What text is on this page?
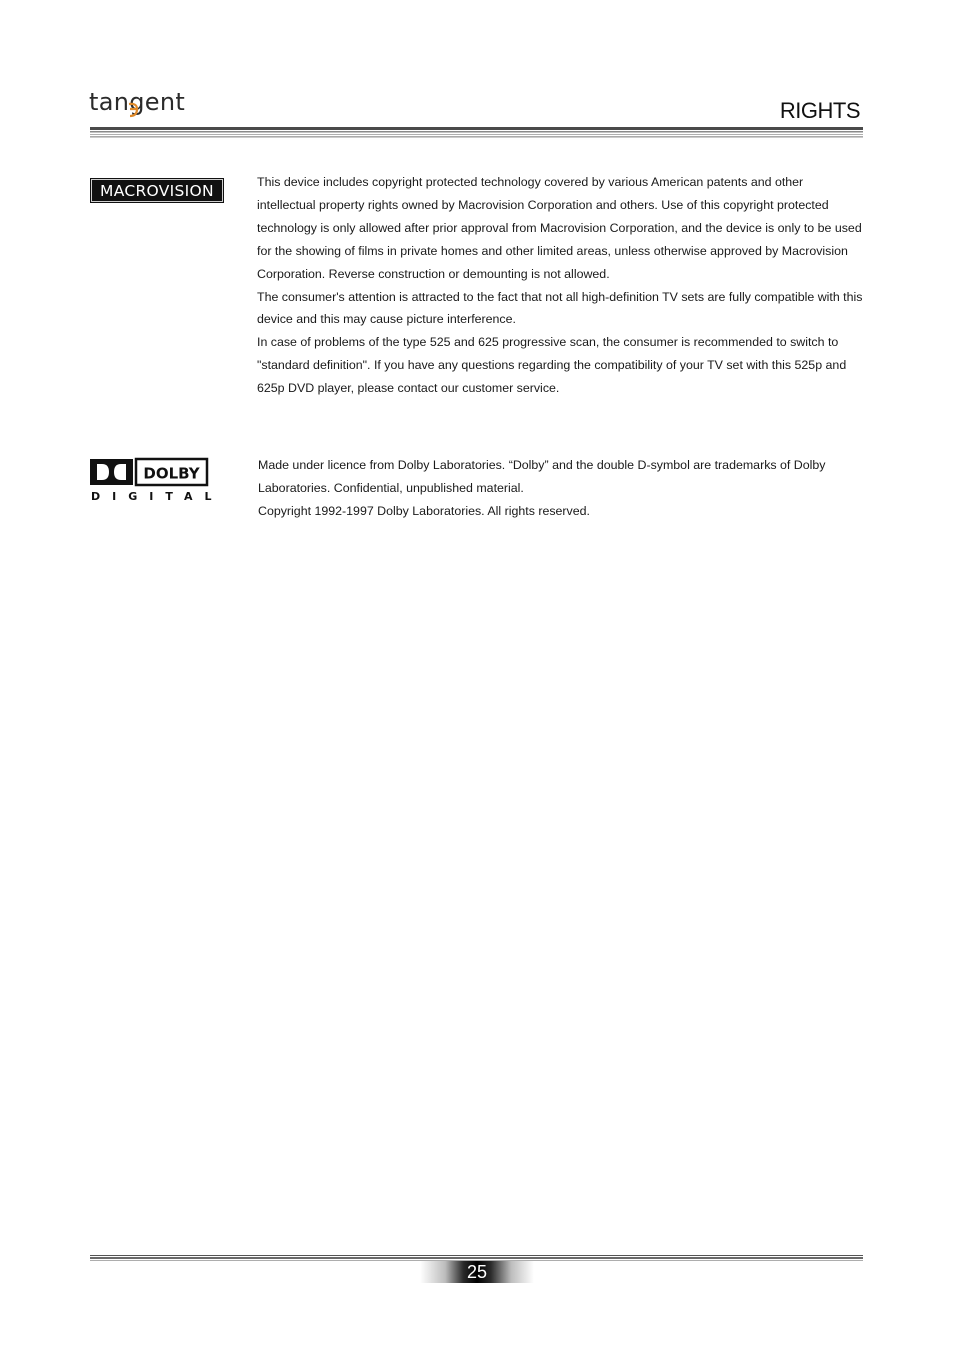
tangent	RIGHTS
MACROVISION	This device includes copyright protected technology covered by various American patents and other intellectual property rights owned by Macrovision Corporation and others. Use of this copyright protected technology is only allowed after prior approval from Macrovision Corporation, and the device is only to be used for the showing of films in private homes and other limited areas, unless otherwise approved by Macrovision Corporation. Reverse construction or demounting is not allowed.

The consumer's attention is attracted to the fact that not all high-definition TV sets are fully compatible with this device and this may cause picture interference.

In case of problems of the type 525 and 625 progressive scan, the consumer is recommended to switch to "standard definition". If you have any questions regarding the compatibility of your TV set with this 525p and 625p DVD player, please contact our customer service.

DOLBY
DIGITAL

Made under licence from Dolby Laboratories. “Dolby” and the double D-symbol are trademarks of Dolby Laboratories. Confidential, unpublished material.

Copyright 1992-1997 Dolby Laboratories. All rights reserved.

25
